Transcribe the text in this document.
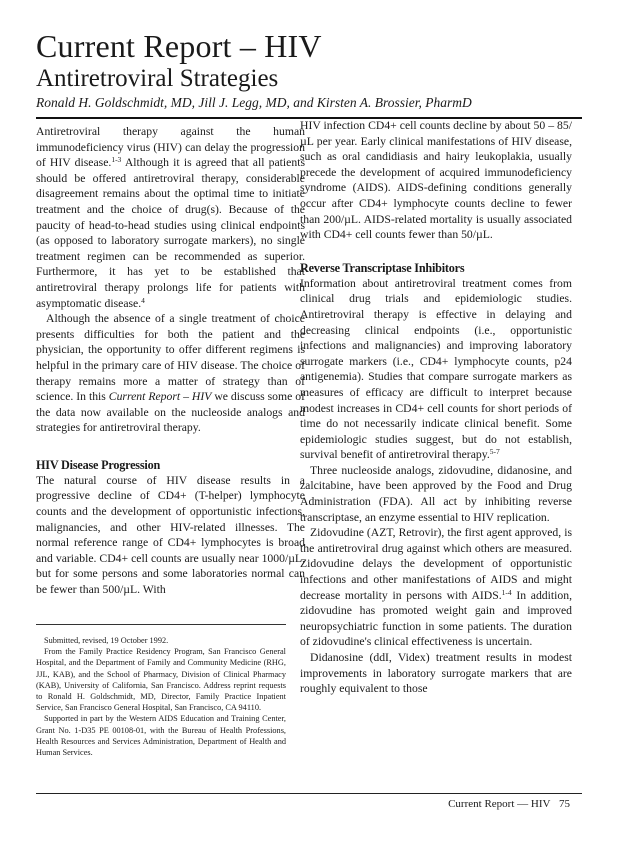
Current Report – HIV
Antiretroviral Strategies

Ronald H. Goldschmidt, MD, Jill J. Legg, MD, and Kirsten A. Brossier, PharmD

Antiretroviral therapy against the human immunodeficiency virus (HIV) can delay the progression of HIV disease.$^{1-3}$ Although it is agreed that all patients should be offered antiretroviral therapy, considerable disagreement remains about the optimal time to initiate treatment and the choice of drug(s). Because of the paucity of head-to-head studies using clinical endpoints (as opposed to laboratory surrogate markers), no single treatment regimen can be recommended as superior. Furthermore, it has yet to be established that antiretroviral therapy prolongs life for patients with asymptomatic disease.$^4$

Although the absence of a single treatment of choice presents difficulties for both the patient and the physician, the opportunity to offer different regimens is helpful in the primary care of HIV disease. The choice of therapy remains more a matter of strategy than of science. In this Current Report – HIV we discuss some of the data now available on the nucleoside analogs and strategies for antiretroviral therapy.

HIV Disease Progression

The natural course of HIV disease results in a progressive decline of CD4+ (T-helper) lymphocyte counts and the development of opportunistic infections, malignancies, and other HIV-related illnesses. The normal reference range of CD4+ lymphocytes is broad and variable. CD4+ cell counts are usually near 1000/µL, but for some persons and some laboratories normal can be fewer than 500/µL. With

Submitted, revised, 19 October 1992.

From the Family Practice Residency Program, San Francisco General Hospital, and the Department of Family and Community Medicine (RHG, JJL, KAB), and the School of Pharmacy, Division of Clinical Pharmacy (KAB), University of California, San Francisco. Address reprint requests to Ronald H. Goldschmidt, MD, Director, Family Practice Inpatient Service, San Francisco General Hospital, San Francisco, CA 94110.

Supported in part by the Western AIDS Education and Training Center, Grant No. 1-D35 PE 00108-01, with the Bureau of Health Professions, Health Resources and Services Administration, Department of Health and Human Services.

HIV infection CD4+ cell counts decline by about 50 – 85/µL per year. Early clinical manifestations of HIV disease, such as oral candidiasis and hairy leukoplakia, usually precede the development of acquired immunodeficiency syndrome (AIDS). AIDS-defining conditions generally occur after CD4+ lymphocyte counts decline to fewer than 200/µL. AIDS-related mortality is usually associated with CD4+ cell counts fewer than 50/µL.

Reverse Transcriptase Inhibitors

Information about antiretroviral treatment comes from clinical drug trials and epidemiologic studies. Antiretroviral therapy is effective in delaying and decreasing clinical endpoints (i.e., opportunistic infections and malignancies) and improving laboratory surrogate markers (i.e., CD4+ lymphocyte counts, p24 antigenemia). Studies that compare surrogate markers as measures of efficacy are difficult to interpret because modest increases in CD4+ cell counts for short periods of time do not necessarily indicate clinical benefit. Some epidemiologic studies suggest, but do not establish, survival benefit of antiretroviral therapy.$^{5-7}$

Three nucleoside analogs, zidovudine, didanosine, and zalcitabine, have been approved by the Food and Drug Administration (FDA). All act by inhibiting reverse transcriptase, an enzyme essential to HIV replication.

Zidovudine (AZT, Retrovir), the first agent approved, is the antiretroviral drug against which others are measured. Zidovudine delays the development of opportunistic infections and other manifestations of AIDS and might decrease mortality in persons with AIDS.$^{1-4}$ In addition, zidovudine has promoted weight gain and improved neuropsychiatric function in some patients. The duration of zidovudine's clinical effectiveness is uncertain.

Didanosine (ddI, Videx) treatment results in modest improvements in laboratory surrogate markers that are roughly equivalent to those

Current Report — HIV 75
